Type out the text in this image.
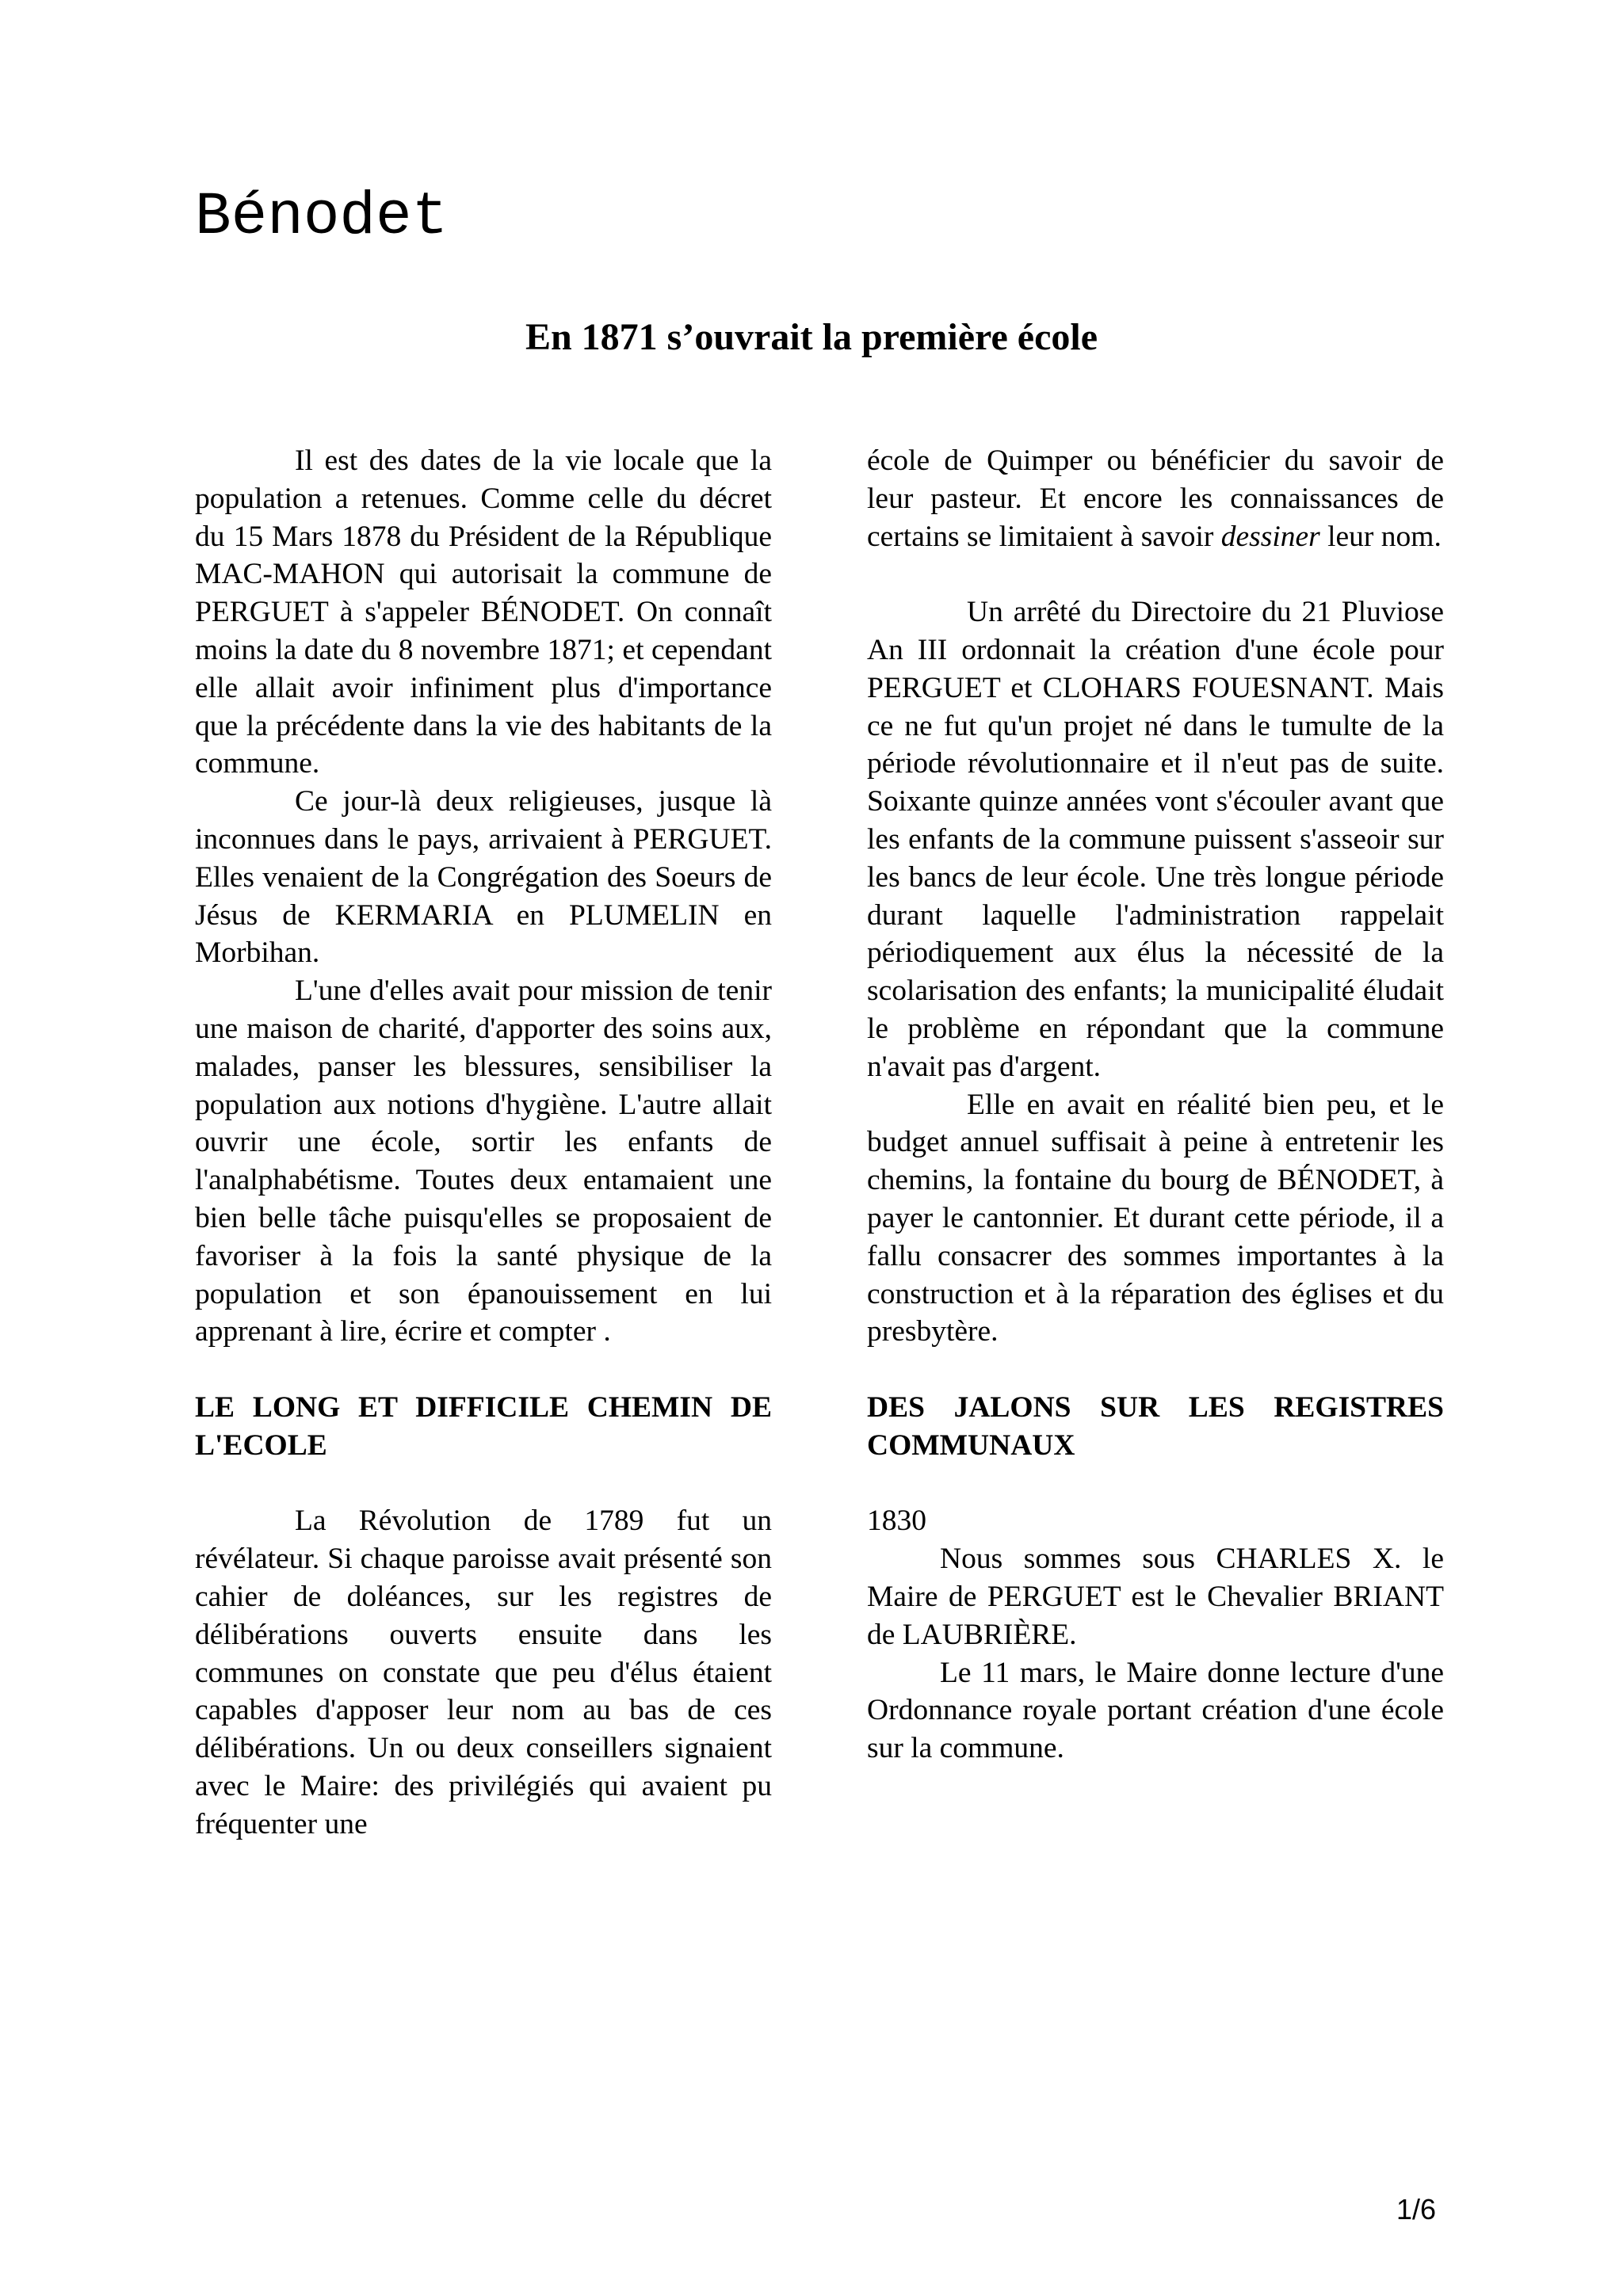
Bénodet
En 1871 s’ouvrait la première école

Il est des dates de la vie locale que la population a retenues. Comme celle du décret du 15 Mars 1878 du Président de la République MAC-MAHON qui autorisait la commune de PERGUET à s'appeler BÉNODET. On connaît moins la date du 8 novembre 1871; et cependant elle allait avoir infiniment plus d'importance que la précédente dans la vie des habitants de la commune.

Ce jour-là deux religieuses, jusque là inconnues dans le pays, arrivaient à PERGUET. Elles venaient de la Congrégation des Soeurs de Jésus de KERMARIA en PLUMELIN en Morbihan.

L'une d'elles avait pour mission de tenir une maison de charité, d'apporter des soins aux, malades, panser les blessures, sensibiliser la population aux notions d'hygiène. L'autre allait ouvrir une école, sortir les enfants de l'analphabétisme. Toutes deux entamaient une bien belle tâche puisqu'elles se proposaient de favoriser à la fois la santé physique de la population et son épanouissement en lui apprenant à lire, écrire et compter .

LE LONG ET DIFFICILE CHEMIN DE L'ECOLE

La Révolution de 1789 fut un révélateur. Si chaque paroisse avait présenté son cahier de doléances, sur les registres de délibérations ouverts ensuite dans les communes on constate que peu d'élus étaient capables d'apposer leur nom au bas de ces délibérations. Un ou deux conseillers signaient avec le Maire: des privilégiés qui avaient pu fréquenter une

école de Quimper ou bénéficier du savoir de leur pasteur. Et encore les connaissances de certains se limitaient à savoir dessiner leur nom.

Un arrêté du Directoire du 21 Pluviose An III ordonnait la création d'une école pour PERGUET et CLOHARS FOUESNANT. Mais ce ne fut qu'un projet né dans le tumulte de la période révolutionnaire et il n'eut pas de suite. Soixante quinze années vont s'écouler avant que les enfants de la commune puissent s'asseoir sur les bancs de leur école. Une très longue période durant laquelle l'administration rappelait périodiquement aux élus la nécessité de la scolarisation des enfants; la municipalité éludait le problème en répondant que la commune n'avait pas d'argent.

Elle en avait en réalité bien peu, et le budget annuel suffisait à peine à entretenir les chemins, la fontaine du bourg de BÉNODET, à payer le cantonnier. Et durant cette période, il a fallu consacrer des sommes importantes à la construction et à la réparation des églises et du presbytère.

DES JALONS SUR LES REGISTRES COMMUNAUX

1830

Nous sommes sous CHARLES X. le Maire de PERGUET est le Chevalier BRIANT de LAUBRIÈRE.

Le 11 mars, le Maire donne lecture d'une Ordonnance royale portant création d'une école sur la commune.

1/6
